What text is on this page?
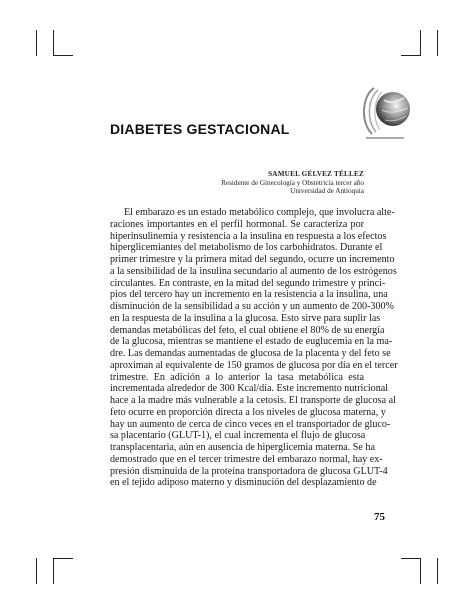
DIABETES GESTACIONAL
SAMUEL GÉLVEZ TÉLLEZ
Residente de Ginecología y Obstetricia tercer año
Universidad de Antioquia
El embarazo es un estado metabólico complejo, que involucra alte-
raciones importantes en el perfil hormonal. Se caracteriza por
hiperinsulinemia y resistencia a la insulina en respuesta a los efectos
hiperglicemiantes del metabolismo de los carbohidratos. Durante el
primer trimestre y la primera mitad del segundo, ocurre un incremento
a la sensibilidad de la insulina secundario al aumento de los estrógenos
circulantes. En contraste, en la mitad del segundo trimestre y princi-
pios del tercero hay un incremento en la resistencia a la insulina, una
disminución de la sensibilidad a su acción y un aumento de 200-300%
en la respuesta de la insulina a la glucosa. Esto sirve para suplir las
demandas metabólicas del feto, el cual obtiene el 80% de su energía
de la glucosa, mientras se mantiene el estado de euglucemia en la ma-
dre. Las demandas aumentadas de glucosa de la placenta y del feto se
aproximan al equivalente de 150 gramos de glucosa por día en el tercer
trimestre. En adición a lo anterior la tasa metabólica esta
incrementada alrededor de 300 Kcal/día. Este incremento nutricional
hace a la madre más vulnerable a la cetosis. El transporte de glucosa al
feto ocurre en proporción directa a los niveles de glucosa materna, y
hay un aumento de cerca de cinco veces en el transportador de gluco-
sa placentario (GLUT-1), el cual incrementa el flujo de glucosa
transplacentaria, aún en ausencia de hiperglicemia materna. Se ha
demostrado que en el tercer trimestre del embarazo normal, hay ex-
presión disminuida de la proteína transportadora de glucosa GLUT-4
en el tejido adiposo materno y disminución del desplazamiento de
75
